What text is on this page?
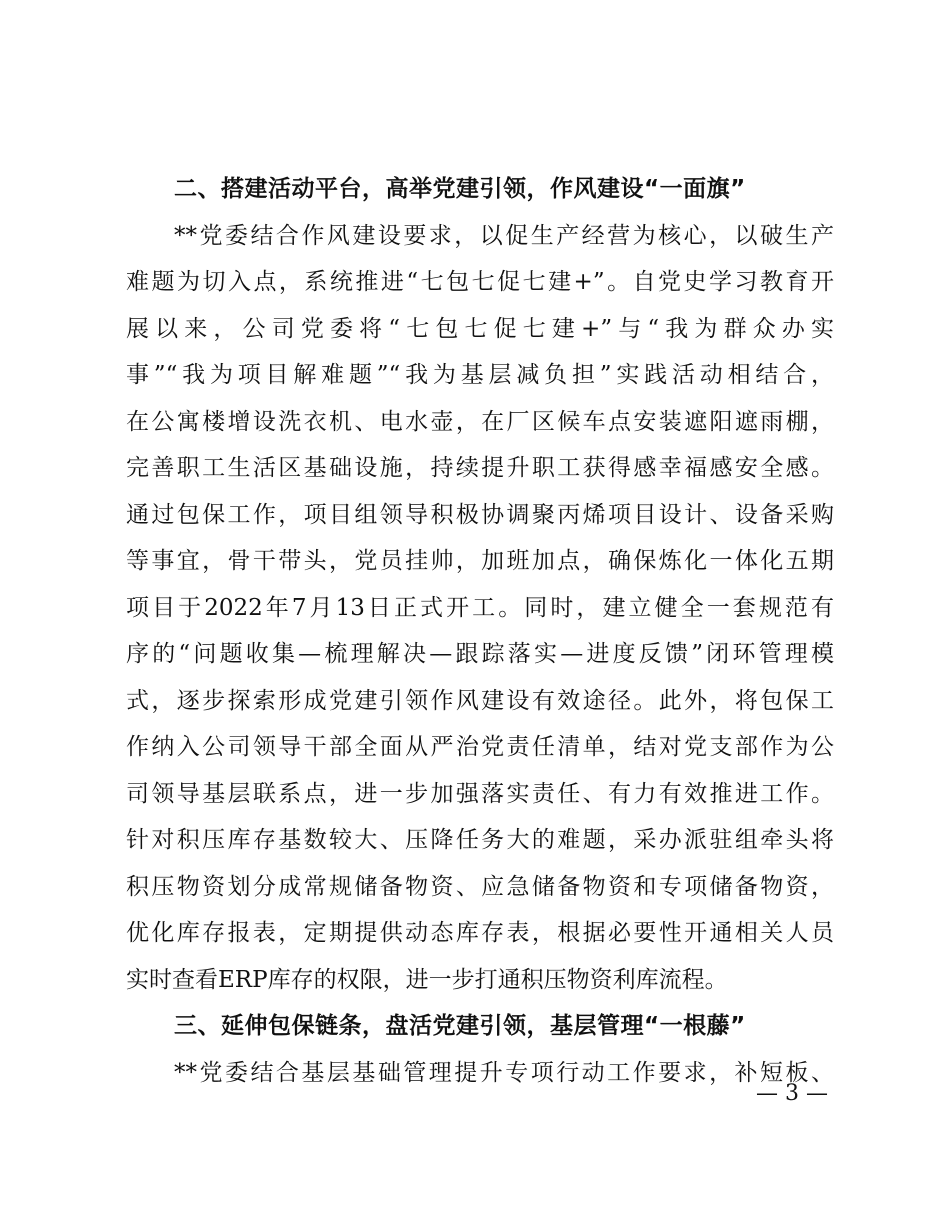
二、搭建活动平台，高举党建引领，作风建设“一面旗”

**党委结合作风建设要求，以促生产经营为核心，以破生产

难题为切入点，系统推进“七包七促七建+”。自党史学习教育开

展以来，公司党委将“七包七促七建+”与“我为群众办实

事”“我为项目解难题”“我为基层减负担”实践活动相结合，

在公寓楼增设洗衣机、电水壶，在厂区候车点安装遮阳遮雨棚，

完善职工生活区基础设施，持续提升职工获得感幸福感安全感。

通过包保工作，项目组领导积极协调聚丙烯项目设计、设备采购

等事宜，骨干带头，党员挂帅，加班加点，确保炼化一体化五期

项目于2022年7月13日正式开工。同时，建立健全一套规范有

序的“问题收集—梳理解决—跟踪落实—进度反馈”闭环管理模

式，逐步探索形成党建引领作风建设有效途径。此外，将包保工

作纳入公司领导干部全面从严治党责任清单，结对党支部作为公

司领导基层联系点，进一步加强落实责任、有力有效推进工作。

针对积压库存基数较大、压降任务大的难题，采办派驻组牵头将

积压物资划分成常规储备物资、应急储备物资和专项储备物资，

优化库存报表，定期提供动态库存表，根据必要性开通相关人员

实时查看ERP库存的权限，进一步打通积压物资利库流程。

三、延伸包保链条，盘活党建引领，基层管理“一根藤”

**党委结合基层基础管理提升专项行动工作要求，补短板、

— 3 —
